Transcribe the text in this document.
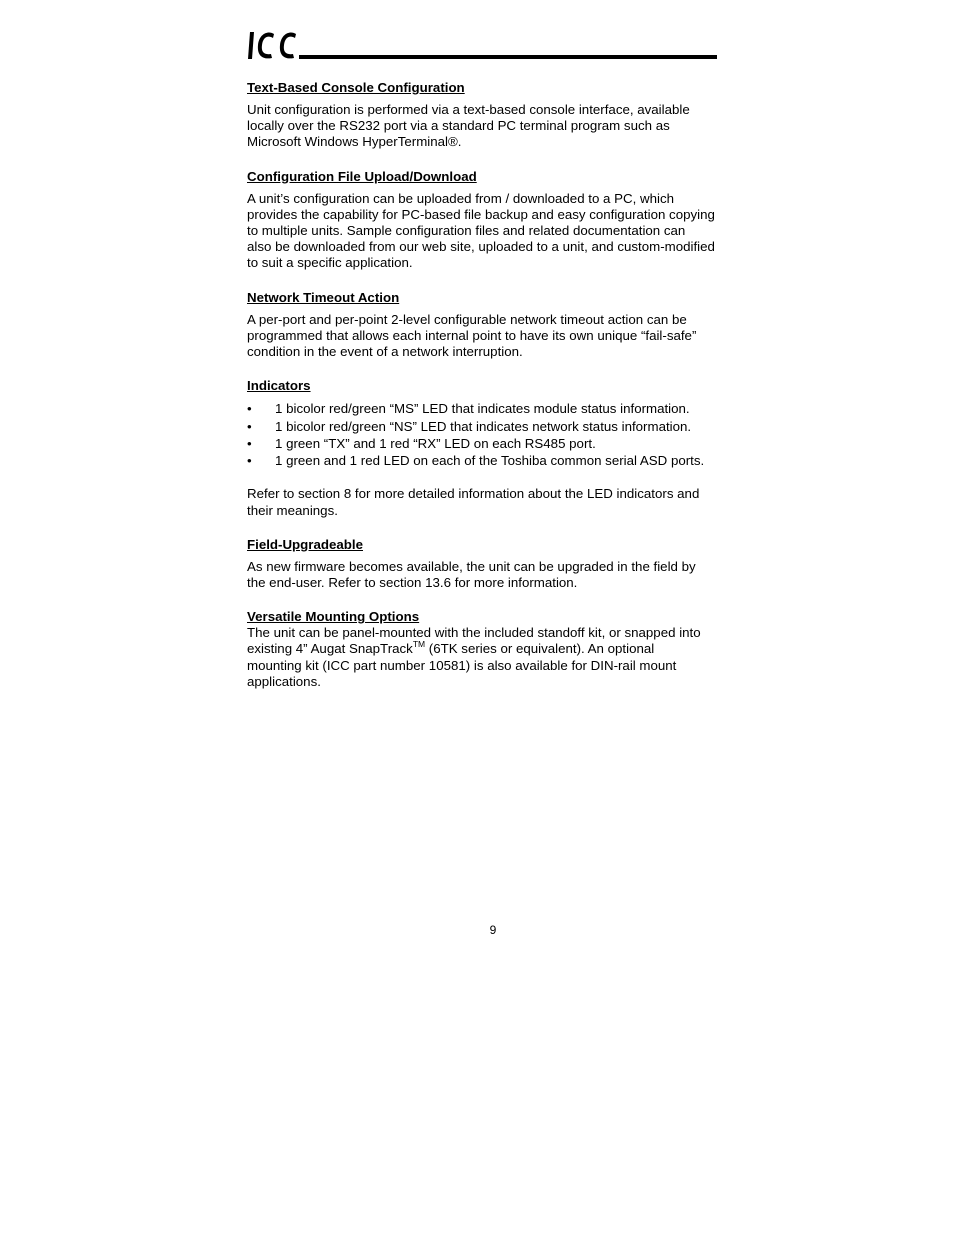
Text-Based Console Configuration

Unit configuration is performed via a text-based console interface, available
locally over the RS232 port via a standard PC terminal program such as
Microsoft Windows HyperTerminal®.

Configuration File Upload/Download

A unit’s configuration can be uploaded from / downloaded to a PC, which
provides the capability for PC-based file backup and easy configuration copying
to multiple units. Sample configuration files and related documentation can
also be downloaded from our web site, uploaded to a unit, and custom-modified
to suit a specific application.

Network Timeout Action

A per-port and per-point 2-level configurable network timeout action can be
programmed that allows each internal point to have its own unique “fail-safe”
condition in the event of a network interruption.

Indicators

• 1 bicolor red/green “MS” LED that indicates module status information.
• 1 bicolor red/green “NS” LED that indicates network status information.
• 1 green “TX” and 1 red “RX” LED on each RS485 port.
• 1 green and 1 red LED on each of the Toshiba common serial ASD ports.

Refer to section 8 for more detailed information about the LED indicators and
their meanings.

Field-Upgradeable

As new firmware becomes available, the unit can be upgraded in the field by
the end-user. Refer to section 13.6 for more information.

Versatile Mounting Options

The unit can be panel-mounted with the included standoff kit, or snapped into
existing 4” Augat SnapTrack™ (6TK series or equivalent). An optional
mounting kit (ICC part number 10581) is also available for DIN-rail mount
applications.

9
